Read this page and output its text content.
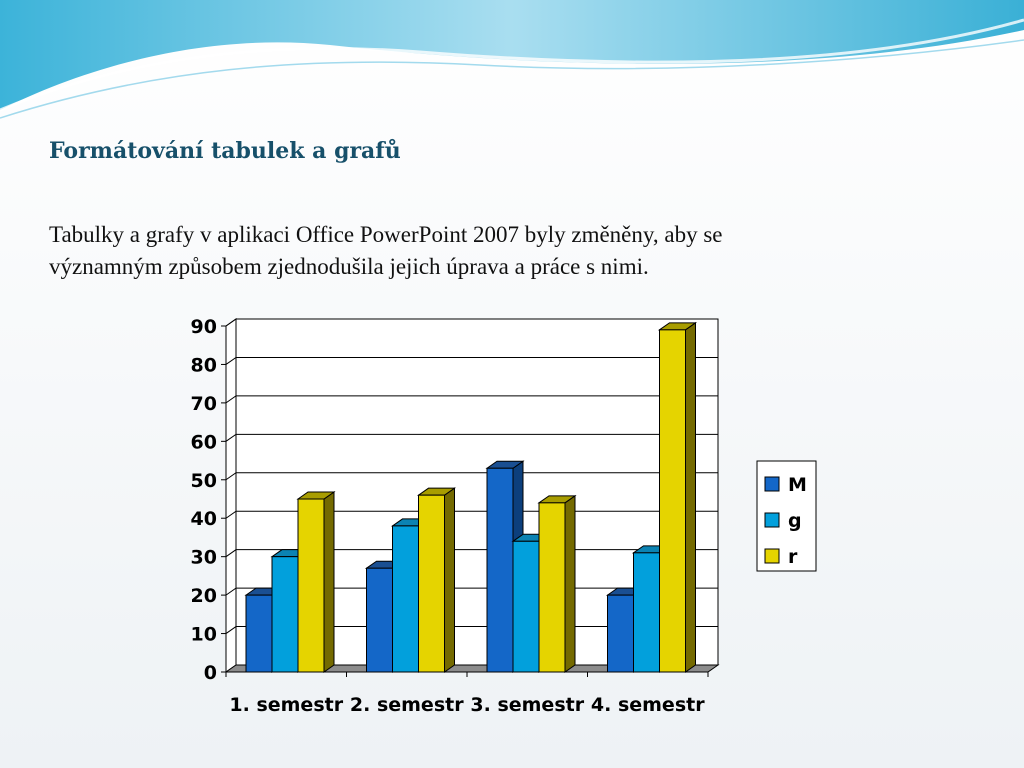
Formátování tabulek a grafů

Tabulky a grafy v aplikaci Office PowerPoint 2007 byly změněny, aby se
významným způsobem zjednodušila jejich úprava a práce s nimi.

0
10
20
30
40
50
60
70
80
90
1. semestr 2. semestr 3. semestr 4. semestr
M
g
r
